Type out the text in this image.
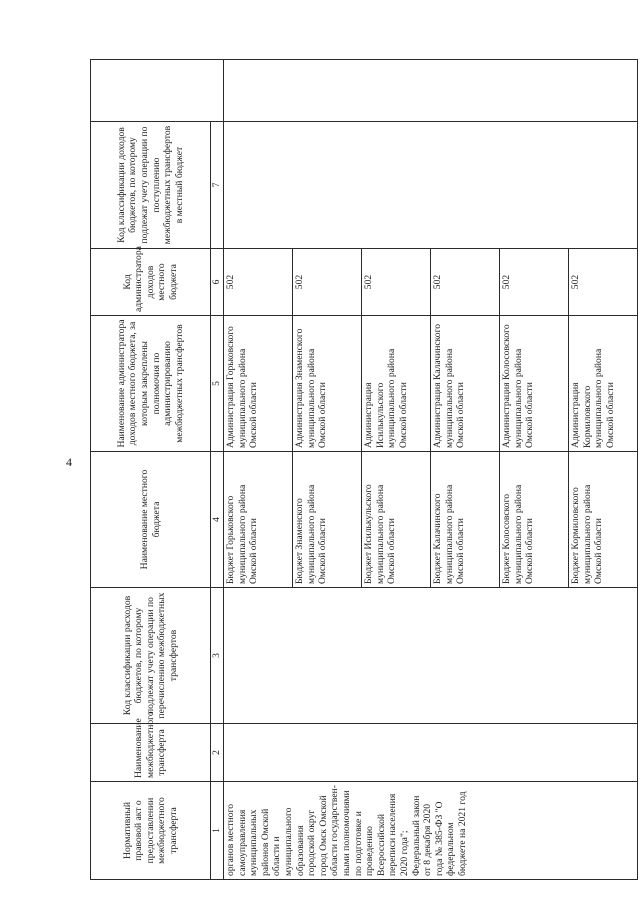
4
Нормативный правовой акт о предоставлении межбюджетного трансферта	Наименование межбюджетного трансферта	Код классификации расходов бюджетов, по которому подлежат учету операции по перечислению межбюджетных трансфертов	Наименование местного бюджета	Наименование администратора доходов местного бюджета, за которым закреплены полномочия по администрированию межбюджетных трансфертов	Код администратора доходов местного бюджета	Код классификации доходов бюджетов, по которому подлежат учету операции по поступлению межбюджетных трансфертов в местный бюджет	
1	2	3	4	5	6	7	
органов местного самоуправления муниципальных районов Омской области и муниципального образования городской округ город Омск Омской области государствен-ными полномочиями по подготовке и проведению Всероссийской переписи населения 2020 года"; Федеральный закон от 8 декабря 2020 года № 385-ФЗ "О федеральном бюджете на 2021 год			Бюджет Горьковского муниципального района Омской области	Администрация Горьковского муниципального района Омской области	502		
			Бюджет Знаменского муниципального района Омской области	Администрация Знаменского муниципального района Омской области	502		
			Бюджет Исилькульского муниципального района Омской области	Администрация Исилькульского муниципального района Омской области	502		
			Бюджет Калачинского муниципального района Омской области	Администрация Калачинского муниципального района Омской области	502		
			Бюджет Колосовского муниципального района Омской области	Администрация Колосовского муниципального района Омской области	502		
			Бюджет Кормиловского муниципального района Омской области	Администрация Кормиловского муниципального района Омской области	502		
